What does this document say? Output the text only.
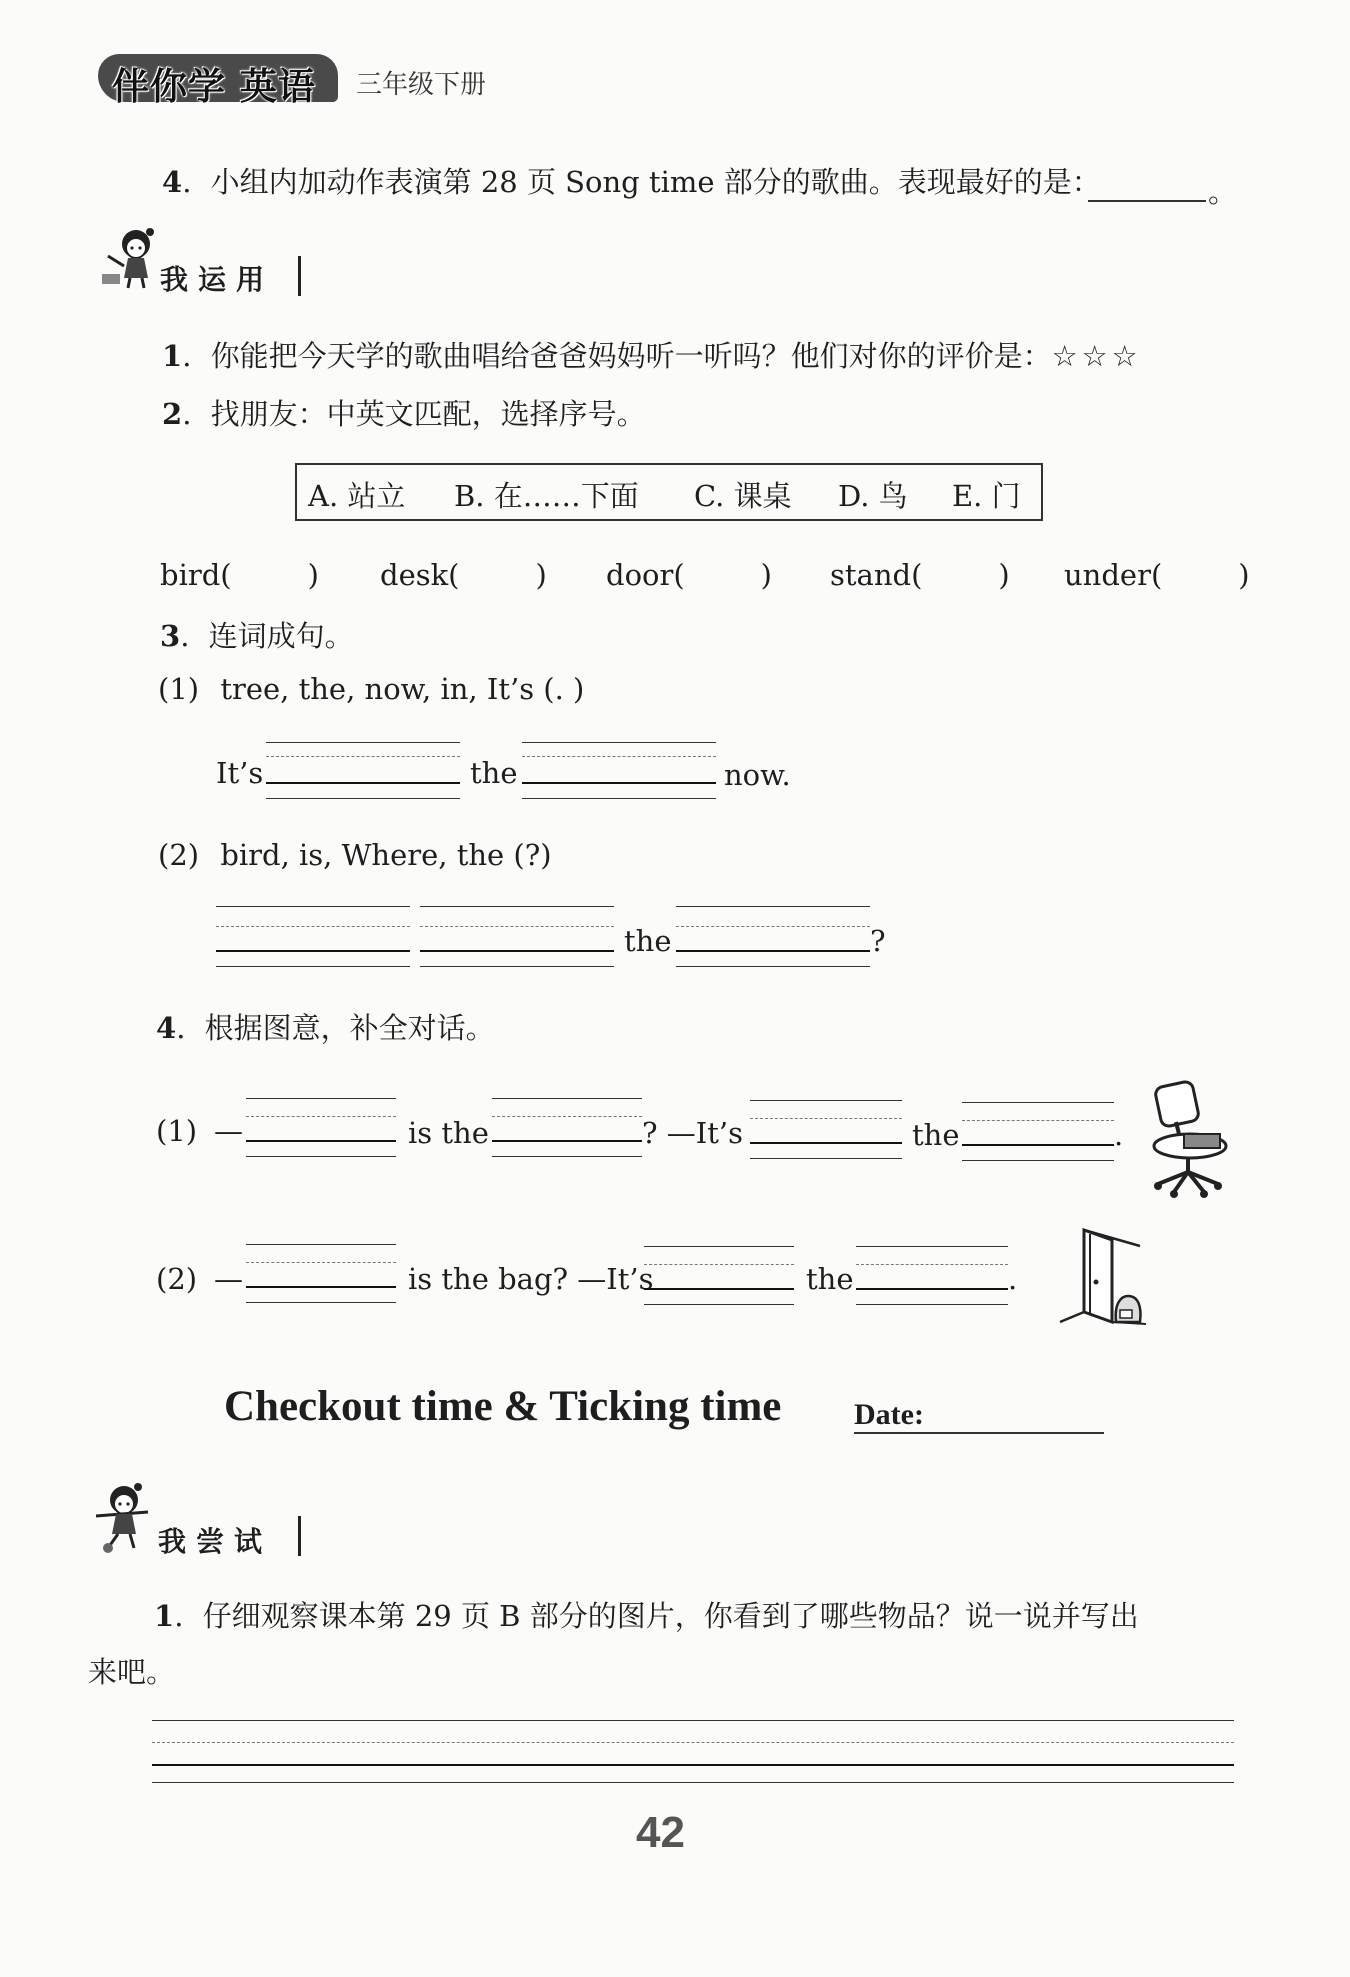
伴你学 英语 三年级下册
4. 小组内加动作表演第 28 页 Song time 部分的歌曲。表现最好的是：	。
我运用
1. 你能把今天学的歌曲唱给爸爸妈妈听一听吗？他们对你的评价是：☆☆☆
2. 找朋友：中英文匹配，选择序号。
A. 站立 B. 在……下面 C. 课桌 D. 鸟 E. 门
bird(	) desk(	) door(	) stand(	) under(	)
3. 连词成句。
(1) tree, the, now, in, It’s (. )
It’s	the	now.
(2) bird, is, Where, the (?)
the	?
4. 根据图意，补全对话。
(1) —	is the	? —It’s	the	.
(2) —	is the bag? —It’s	the	.
Checkout time & Ticking time Date:
我尝试
1. 仔细观察课本第 29 页 B 部分的图片，你看到了哪些物品？说一说并写出
来吧。
42
